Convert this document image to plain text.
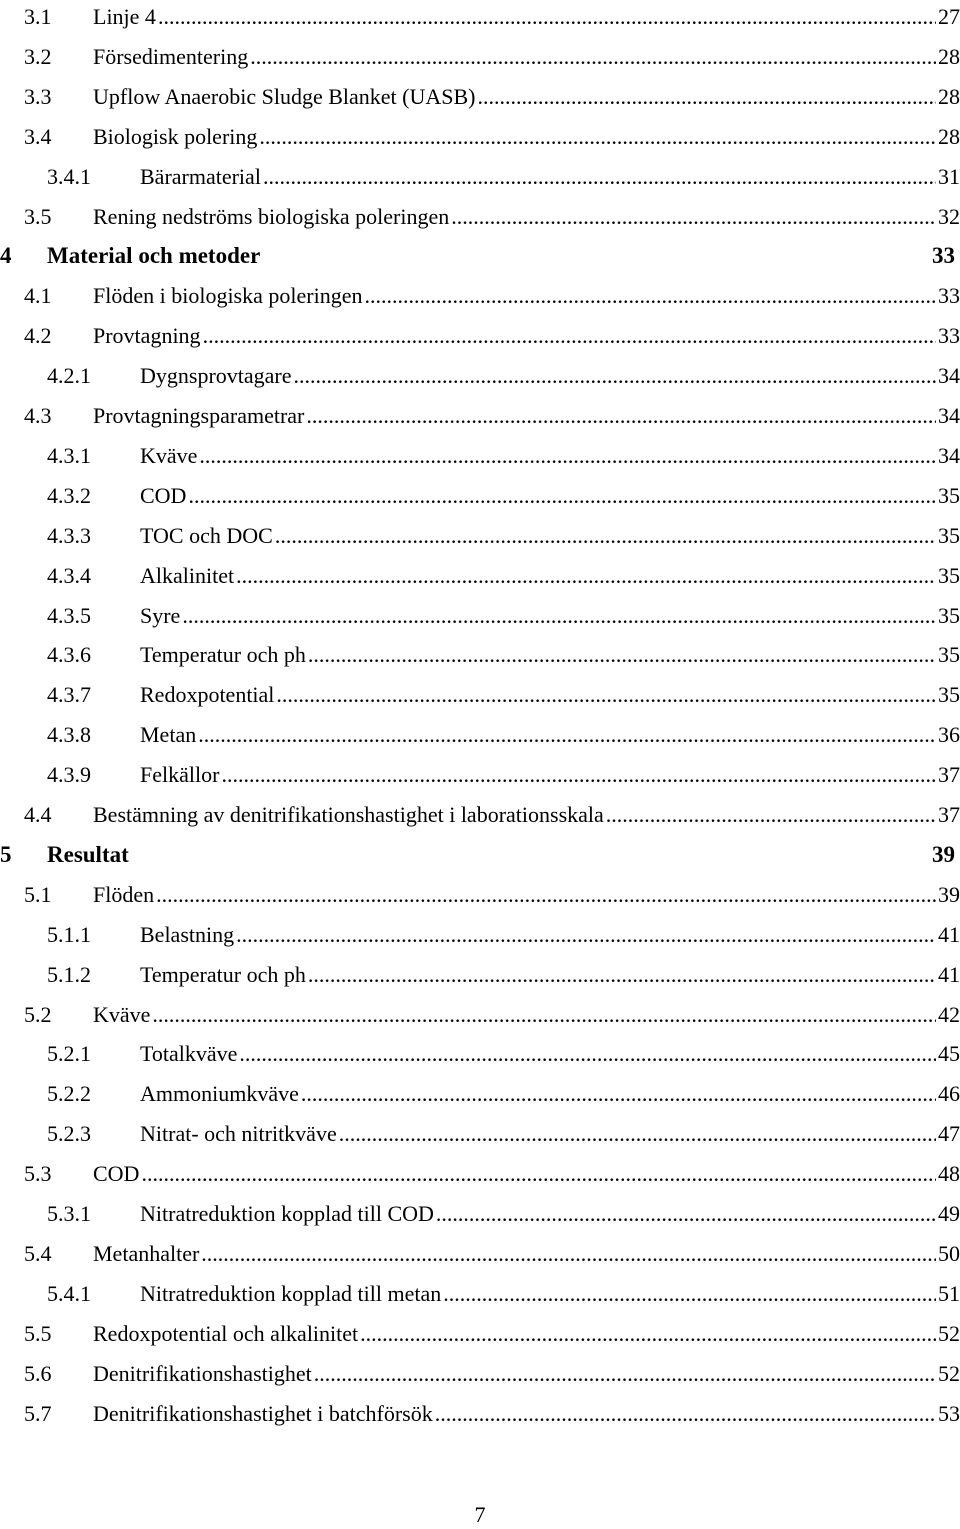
3.1	Linje 4 .....	27
3.2	Försedimentering .....	28
3.3	Upflow Anaerobic Sludge Blanket (UASB) .....	28
3.4	Biologisk polering .....	28
3.4.1	Bärarmaterial .....	31
3.5	Rening nedströms biologiska poleringen .....	32
4	Material och metoder	33
4.1	Flöden i biologiska poleringen .....	33
4.2	Provtagning .....	33
4.2.1	Dygnsprovtagare .....	34
4.3	Provtagningsparametrar .....	34
4.3.1	Kväve .....	34
4.3.2	COD .....	35
4.3.3	TOC och DOC .....	35
4.3.4	Alkalinitet .....	35
4.3.5	Syre .....	35
4.3.6	Temperatur och ph .....	35
4.3.7	Redoxpotential .....	35
4.3.8	Metan .....	36
4.3.9	Felkällor .....	37
4.4	Bestämning av denitrifikationshastighet i laborationsskala .....	37
5	Resultat	39
5.1	Flöden .....	39
5.1.1	Belastning .....	41
5.1.2	Temperatur och ph .....	41
5.2	Kväve .....	42
5.2.1	Totalkväve .....	45
5.2.2	Ammoniumkväve .....	46
5.2.3	Nitrat- och nitritkväve .....	47
5.3	COD .....	48
5.3.1	Nitratreduktion kopplad till COD .....	49
5.4	Metanhalter .....	50
5.4.1	Nitratreduktion kopplad till metan .....	51
5.5	Redoxpotential och alkalinitet .....	52
5.6	Denitrifikationshastighet .....	52
5.7	Denitrifikationshastighet i batchförsök .....	53
7
